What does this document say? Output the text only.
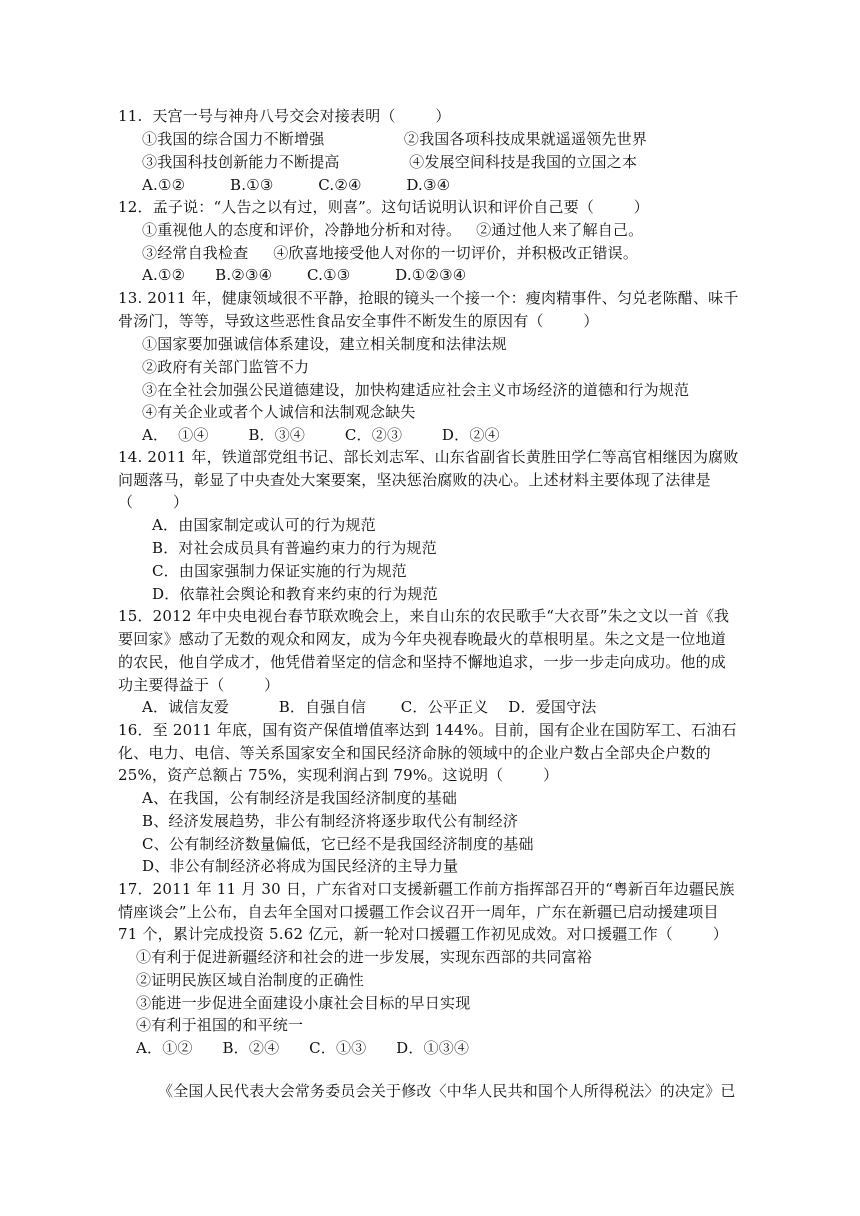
11.  天宫一号与神舟八号交会对接表明（        ）
①我国的综合国力不断增强                ②我国各项科技成果就遥遥领先世界
③我国科技创新能力不断提高              ④发展空间科技是我国的立国之本
A.①②         B.①③         C.②④         D.③④
12．孟子说：“人告之以有过，则喜”。这句话说明认识和评价自己要（        ）
①重视他人的态度和评价，冷静地分析和对待。   ②通过他人来了解自己。
③经常自我检查     ④欣喜地接受他人对你的一切评价，并积极改正错误。
A.①②      B.②③④       C.①③         D.①②③④
13. 2011 年，健康领域很不平静，抢眼的镜头一个接一个：瘦肉精事件、匀兑老陈醋、味千
骨汤门，等等，导致这些恶性食品安全事件不断发生的原因有（        ）
①国家要加强诚信体系建设，建立相关制度和法律法规
②政府有关部门监管不力
③在全社会加强公民道德建设，加快构建适应社会主义市场经济的道德和行为规范
④有关企业或者个人诚信和法制观念缺失
A．  ①④        B．③④        C．②③        D．②④
14. 2011 年，铁道部党组书记、部长刘志军、山东省副省长黄胜田学仁等高官相继因为腐败
问题落马，彰显了中央查处大案要案，坚决惩治腐败的决心。上述材料主要体现了法律是
（        ）
A．由国家制定或认可的行为规范
B．对社会成员具有普遍约束力的行为规范
C．由国家强制力保证实施的行为规范
D．依靠社会舆论和教育来约束的行为规范
15．2012 年中央电视台春节联欢晚会上，来自山东的农民歌手“大衣哥”朱之文以一首《我
要回家》感动了无数的观众和网友，成为今年央视春晚最火的草根明星。朱之文是一位地道
的农民，他自学成才，他凭借着坚定的信念和坚持不懈地追求，一步一步走向成功。他的成
功主要得益于（        ）
A．诚信友爱          B．自强自信       C．公平正义    D．爱国守法
16．至 2011 年底，国有资产保值增值率达到 144%。目前，国有企业在国防军工、石油石
化、电力、电信、等关系国家安全和国民经济命脉的领域中的企业户数占全部央企户数的
25%，资产总额占 75%，实现利润占到 79%。这说明（        ）
A、在我国，公有制经济是我国经济制度的基础
B、经济发展趋势，非公有制经济将逐步取代公有制经济
C、公有制经济数量偏低，它已经不是我国经济制度的基础
D、非公有制经济必将成为国民经济的主导力量
17．2011 年 11 月 30 日，广东省对口支援新疆工作前方指挥部召开的“粤新百年边疆民族
情座谈会”上公布，自去年全国对口援疆工作会议召开一周年，广东在新疆已启动援建项目
71 个，累计完成投资 5.62 亿元，新一轮对口援疆工作初见成效。对口援疆工作（        ）
①有利于促进新疆经济和社会的进一步发展，实现东西部的共同富裕
②证明民族区域自治制度的正确性
③能进一步促进全面建设小康社会目标的早日实现
④有利于祖国的和平统一
A．①②      B．②④      C．①③      D．①③④
《全国人民代表大会常务委员会关于修改〈中华人民共和国个人所得税法〉的决定》已
